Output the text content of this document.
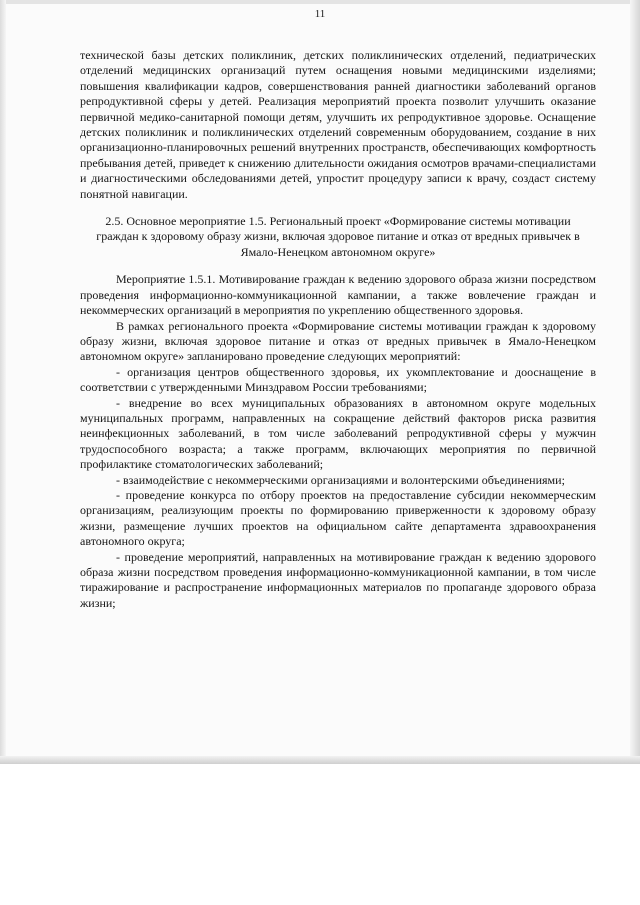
11

технической базы детских поликлиник, детских поликлинических отделений, педиатрических отделений медицинских организаций путем оснащения новыми медицинскими изделиями; повышения квалификации кадров, совершенствования ранней диагностики заболеваний органов репродуктивной сферы у детей. Реализация мероприятий проекта позволит улучшить оказание первичной медико-санитарной помощи детям, улучшить их репродуктивное здоровье. Оснащение детских поликлиник и поликлинических отделений современным оборудованием, создание в них организационно-планировочных решений внутренних пространств, обеспечивающих комфортность пребывания детей, приведет к снижению длительности ожидания осмотров врачами-специалистами и диагностическими обследованиями детей, упростит процедуру записи к врачу, создаст систему понятной навигации.

2.5. Основное мероприятие 1.5. Региональный проект «Формирование системы мотивации граждан к здоровому образу жизни, включая здоровое питание и отказ от вредных привычек в Ямало-Ненецком автономном округе»

Мероприятие 1.5.1. Мотивирование граждан к ведению здорового образа жизни посредством проведения информационно-коммуникационной кампании, а также вовлечение граждан и некоммерческих организаций в мероприятия по укреплению общественного здоровья.

В рамках регионального проекта «Формирование системы мотивации граждан к здоровому образу жизни, включая здоровое питание и отказ от вредных привычек в Ямало-Ненецком автономном округе» запланировано проведение следующих мероприятий:

- организация центров общественного здоровья, их укомплектование и дооснащение в соответствии с утвержденными Минздравом России требованиями;

- внедрение во всех муниципальных образованиях в автономном округе модельных муниципальных программ, направленных на сокращение действий факторов риска развития неинфекционных заболеваний, в том числе заболеваний репродуктивной сферы у мужчин трудоспособного возраста; а также программ, включающих мероприятия по первичной профилактике стоматологических заболеваний;

- взаимодействие с некоммерческими организациями и волонтерскими объединениями;

- проведение конкурса по отбору проектов на предоставление субсидии некоммерческим организациям, реализующим проекты по формированию приверженности к здоровому образу жизни, размещение лучших проектов на официальном сайте департамента здравоохранения автономного округа;

- проведение мероприятий, направленных на мотивирование граждан к ведению здорового образа жизни посредством проведения информационно-коммуникационной кампании, в том числе тиражирование и распространение информационных материалов по пропаганде здорового образа жизни;
